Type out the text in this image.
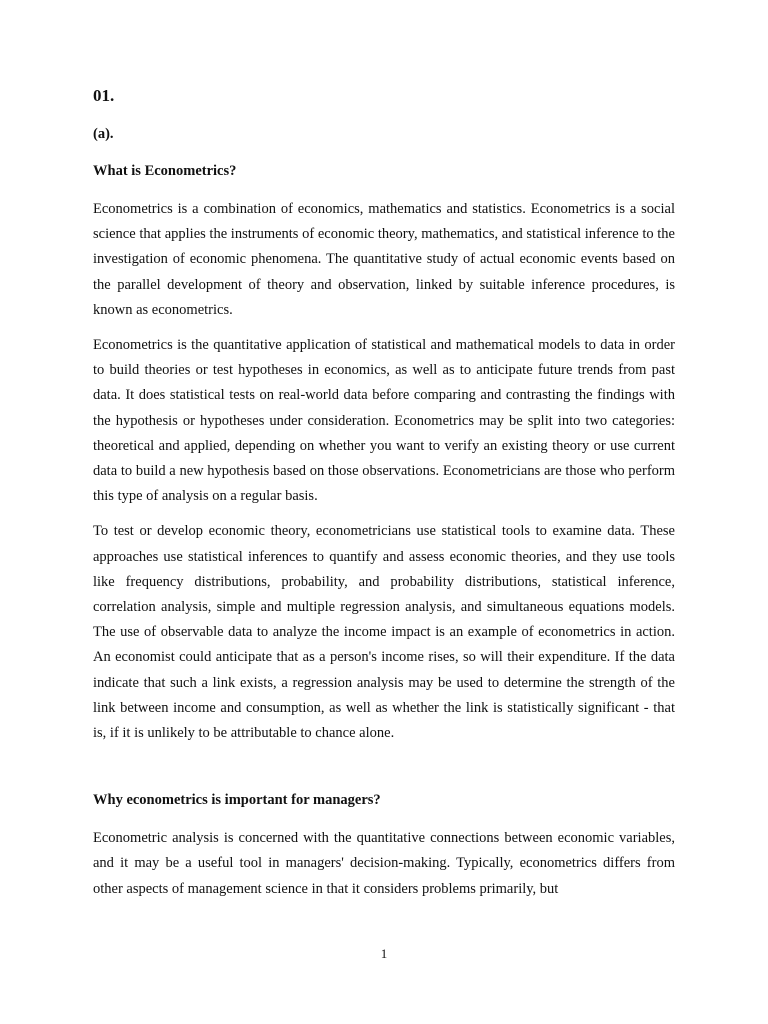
01.
(a).
What is Econometrics?

Econometrics is a combination of economics, mathematics and statistics. Econometrics is a social science that applies the instruments of economic theory, mathematics, and statistical inference to the investigation of economic phenomena. The quantitative study of actual economic events based on the parallel development of theory and observation, linked by suitable inference procedures, is known as econometrics.

Econometrics is the quantitative application of statistical and mathematical models to data in order to build theories or test hypotheses in economics, as well as to anticipate future trends from past data. It does statistical tests on real-world data before comparing and contrasting the findings with the hypothesis or hypotheses under consideration. Econometrics may be split into two categories: theoretical and applied, depending on whether you want to verify an existing theory or use current data to build a new hypothesis based on those observations. Econometricians are those who perform this type of analysis on a regular basis.

To test or develop economic theory, econometricians use statistical tools to examine data. These approaches use statistical inferences to quantify and assess economic theories, and they use tools like frequency distributions, probability, and probability distributions, statistical inference, correlation analysis, simple and multiple regression analysis, and simultaneous equations models. The use of observable data to analyze the income impact is an example of econometrics in action. An economist could anticipate that as a person's income rises, so will their expenditure. If the data indicate that such a link exists, a regression analysis may be used to determine the strength of the link between income and consumption, as well as whether the link is statistically significant - that is, if it is unlikely to be attributable to chance alone.

Why econometrics is important for managers?

Econometric analysis is concerned with the quantitative connections between economic variables, and it may be a useful tool in managers' decision-making. Typically, econometrics differs from other aspects of management science in that it considers problems primarily, but

1
